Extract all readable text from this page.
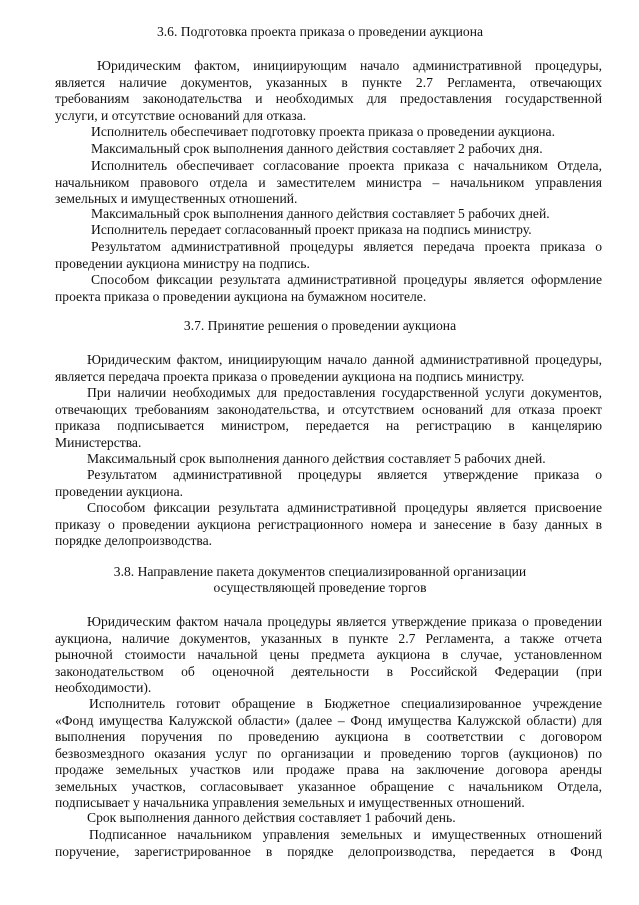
3.6. Подготовка проекта приказа о проведении аукциона
Юридическим фактом, инициирующим начало административной процедуры,
является наличие документов, указанных в пункте 2.7 Регламента, отвечающих
требованиям законодательства и необходимых для предоставления государственной
услуги, и отсутствие оснований для отказа.
Исполнитель обеспечивает подготовку проекта приказа о проведении аукциона.
Максимальный срок выполнения данного действия составляет 2 рабочих дня.
Исполнитель обеспечивает согласование проекта приказа с начальником Отдела,
начальником правового отдела и заместителем министра – начальником управления
земельных и имущественных отношений.
Максимальный срок выполнения данного действия составляет 5 рабочих дней.
Исполнитель передает согласованный проект приказа на подпись министру.
Результатом административной процедуры является передача проекта приказа о
проведении аукциона министру на подпись.
Способом фиксации результата административной процедуры является оформление
проекта приказа о проведении аукциона на бумажном носителе.
3.7. Принятие решения о проведении аукциона
Юридическим фактом, инициирующим начало данной административной процедуры,
является передача проекта приказа о проведении аукциона на подпись министру.
При наличии необходимых для предоставления государственной услуги документов,
отвечающих требованиям законодательства, и отсутствием оснований для отказа проект
приказа подписывается министром, передается на регистрацию в канцелярию
Министерства.
Максимальный срок выполнения данного действия составляет 5 рабочих дней.
Результатом административной процедуры является утверждение приказа о
проведении аукциона.
Способом фиксации результата административной процедуры является присвоение
приказу о проведении аукциона регистрационного номера и занесение в базу данных в
порядке делопроизводства.
3.8. Направление пакета документов специализированной организации
осуществляющей проведение торгов
Юридическим фактом начала процедуры является утверждение приказа о проведении
аукциона, наличие документов, указанных в пункте 2.7 Регламента, а также отчета
рыночной стоимости начальной цены предмета аукциона в случае, установленном
законодательством об оценочной деятельности в Российской Федерации (при
необходимости).
Исполнитель готовит обращение в Бюджетное специализированное учреждение
«Фонд имущества Калужской области» (далее – Фонд имущества Калужской области) для
выполнения поручения по проведению аукциона в соответствии с договором
безвозмездного оказания услуг по организации и проведению торгов (аукционов) по
продаже земельных участков или продаже права на заключение договора аренды
земельных участков, согласовывает указанное обращение с начальником Отдела,
подписывает у начальника управления земельных и имущественных отношений.
Срок выполнения данного действия составляет 1 рабочий день.
Подписанное начальником управления земельных и имущественных отношений
поручение, зарегистрированное в порядке делопроизводства, передается в Фонд
